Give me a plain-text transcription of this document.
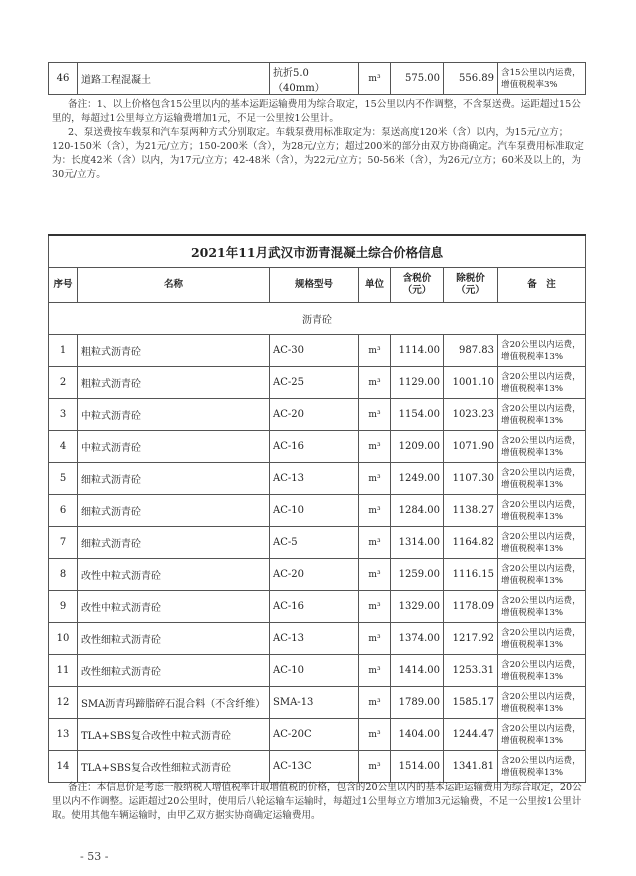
46	道路工程混凝土	抗折5.0（40mm）	m³	575.00	556.89	含15公里以内运费，增值税税率3%

备注：1、以上价格包含15公里以内的基本运距运输费用为综合取定，15公里以内不作调整，不含泵送费。运距超过15公里的，每超过1公里每立方运输费增加1元，不足一公里按1公里计。

2、泵送费按车载泵和汽车泵两种方式分别取定。车载泵费用标准取定为：泵送高度120米（含）以内，为15元/立方；120-150米（含），为21元/立方；150-200米（含），为28元/立方；超过200米的部分由双方协商确定。汽车泵费用标准取定为：长度42米（含）以内，为17元/立方；42-48米（含），为22元/立方；50-56米（含），为26元/立方；60米及以上的，为30元/立方。

2021年11月武汉市沥青混凝土综合价格信息						
序号	名称	规格型号	单位	含税价（元）	除税价（元）	备　注
沥青砼						
1	粗粒式沥青砼	AC-30	m³	1114.00	987.83	含20公里以内运费，增值税税率13%
2	粗粒式沥青砼	AC-25	m³	1129.00	1001.10	含20公里以内运费，增值税税率13%
3	中粒式沥青砼	AC-20	m³	1154.00	1023.23	含20公里以内运费，增值税税率13%
4	中粒式沥青砼	AC-16	m³	1209.00	1071.90	含20公里以内运费，增值税税率13%
5	细粒式沥青砼	AC-13	m³	1249.00	1107.30	含20公里以内运费，增值税税率13%
6	细粒式沥青砼	AC-10	m³	1284.00	1138.27	含20公里以内运费，增值税税率13%
7	细粒式沥青砼	AC-5	m³	1314.00	1164.82	含20公里以内运费，增值税税率13%
8	改性中粒式沥青砼	AC-20	m³	1259.00	1116.15	含20公里以内运费，增值税税率13%
9	改性中粒式沥青砼	AC-16	m³	1329.00	1178.09	含20公里以内运费，增值税税率13%
10	改性细粒式沥青砼	AC-13	m³	1374.00	1217.92	含20公里以内运费，增值税税率13%
11	改性细粒式沥青砼	AC-10	m³	1414.00	1253.31	含20公里以内运费，增值税税率13%
12	SMA沥青玛蹄脂碎石混合料（不含纤维）	SMA-13	m³	1789.00	1585.17	含20公里以内运费，增值税税率13%
13	TLA+SBS复合改性中粒式沥青砼	AC-20C	m³	1404.00	1244.47	含20公里以内运费，增值税税率13%
14	TLA+SBS复合改性细粒式沥青砼	AC-13C	m³	1514.00	1341.81	含20公里以内运费，增值税税率13%

备注：本信息价是考虑一般纳税人增值税率计取增值税的价格，包含的20公里以内的基本运距运输费用为综合取定，20公里以内不作调整。运距超过20公里时，使用后八轮运输车运输时，每超过1公里每立方增加3元运输费，不足一公里按1公里计取。使用其他车辆运输时，由甲乙双方据实协商确定运输费用。

- 53 -
